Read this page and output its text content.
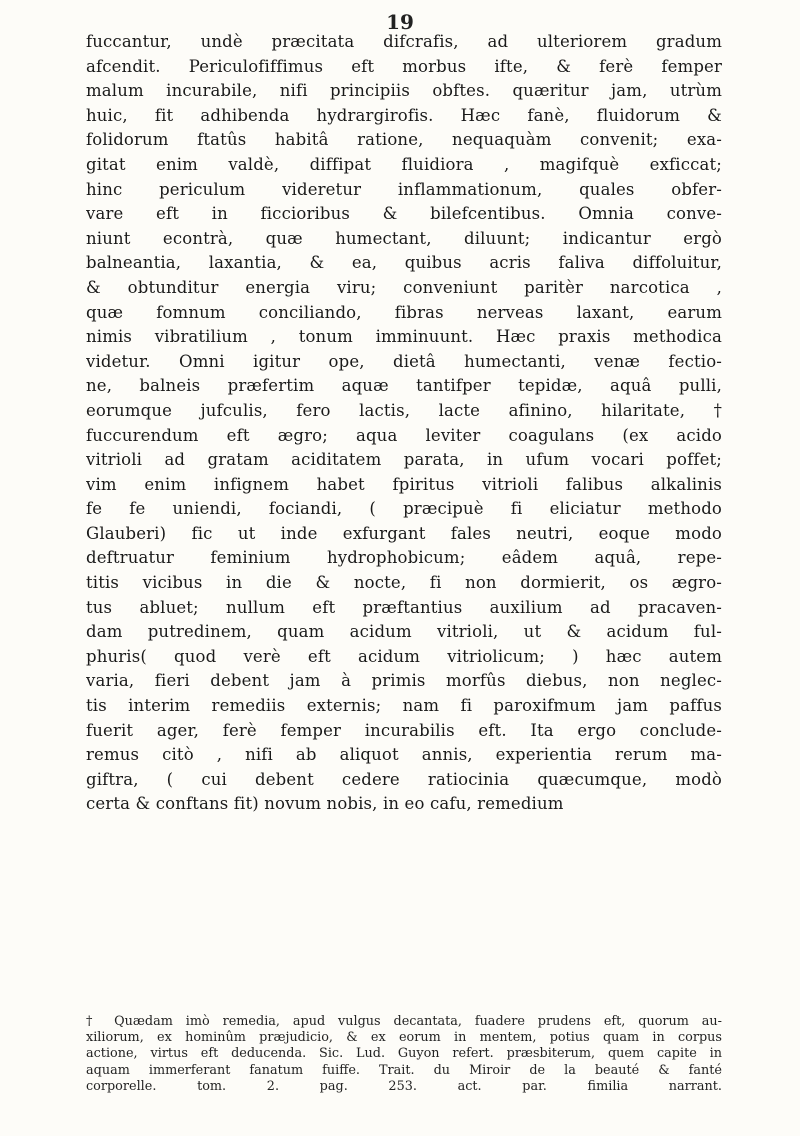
19
fuccantur, undè præcitata difcrafis, ad ulteriorem gradum
afcendit. Periculofiffimus eft morbus ifte, & ferè femper
malum incurabile, nifi principiis obftes. quæritur jam, utrùm
huic, fit adhibenda hydrargirofis. Hæc fanè, fluidorum &
folidorum ftatûs habitâ ratione, nequaquàm convenit; exa-
gitat enim valdè, diffipat fluidiora , magifquè exficcat;
hinc periculum videretur inflammationum, quales obfer-
vare eft in ficcioribus & bilefcentibus. Omnia conve-
niunt econtrà, quæ humectant, diluunt; indicantur ergò
balneantia, laxantia, & ea, quibus acris faliva diffoluitur,
& obtunditur energia viru; conveniunt paritèr narcotica ,
quæ fomnum conciliando, fibras nerveas laxant, earum
nimis vibratilium , tonum imminuunt. Hæc praxis methodica
videtur. Omni igitur ope, dietâ humectanti, venæ fectio-
ne, balneis præfertim aquæ tantifper tepidæ, aquâ pulli,
eorumque jufculis, fero lactis, lacte afinino, hilaritate, †
fuccurendum eft ægro; aqua leviter coagulans (ex acido
vitrioli ad gratam aciditatem parata, in ufum vocari poffet;
vim enim infignem habet fpiritus vitrioli falibus alkalinis
fe fe uniendi, fociandi, ( præcipuè fi eliciatur methodo
Glauberi) fic ut inde exfurgant fales neutri, eoque modo
deftruatur feminium hydrophobicum; eâdem aquâ, repe-
titis vicibus in die & nocte, fi non dormierit, os ægro-
tus abluet; nullum eft præftantius auxilium ad pracaven-
dam putredinem, quam acidum vitrioli, ut & acidum ful-
phuris( quod verè eft acidum vitriolicum; ) hæc autem
varia, fieri debent jam à primis morfûs diebus, non neglec-
tis interim remediis externis; nam fi paroxifmum jam paffus
fuerit ager, ferè femper incurabilis eft. Ita ergo conclude-
remus citò , nifi ab aliquot annis, experientia rerum ma-
giftra, ( cui debent cedere ratiocinia quæcumque, modò
certa & conftans fit) novum nobis, in eo cafu, remedium
† Quædam imò remedia, apud vulgus decantata, fuadere prudens eft, quorum au-
xiliorum, ex hominûm præjudicio, & ex eorum in mentem, potius quam in corpus
actione, virtus eft deducenda. Sic. Lud. Guyon refert. præsbiterum, quem capite in
aquam immerferant fanatum fuiffe. Trait. du Miroir de la beauté & fanté
corporelle. tom. 2. pag. 253. act. par. fimilia narrant.
